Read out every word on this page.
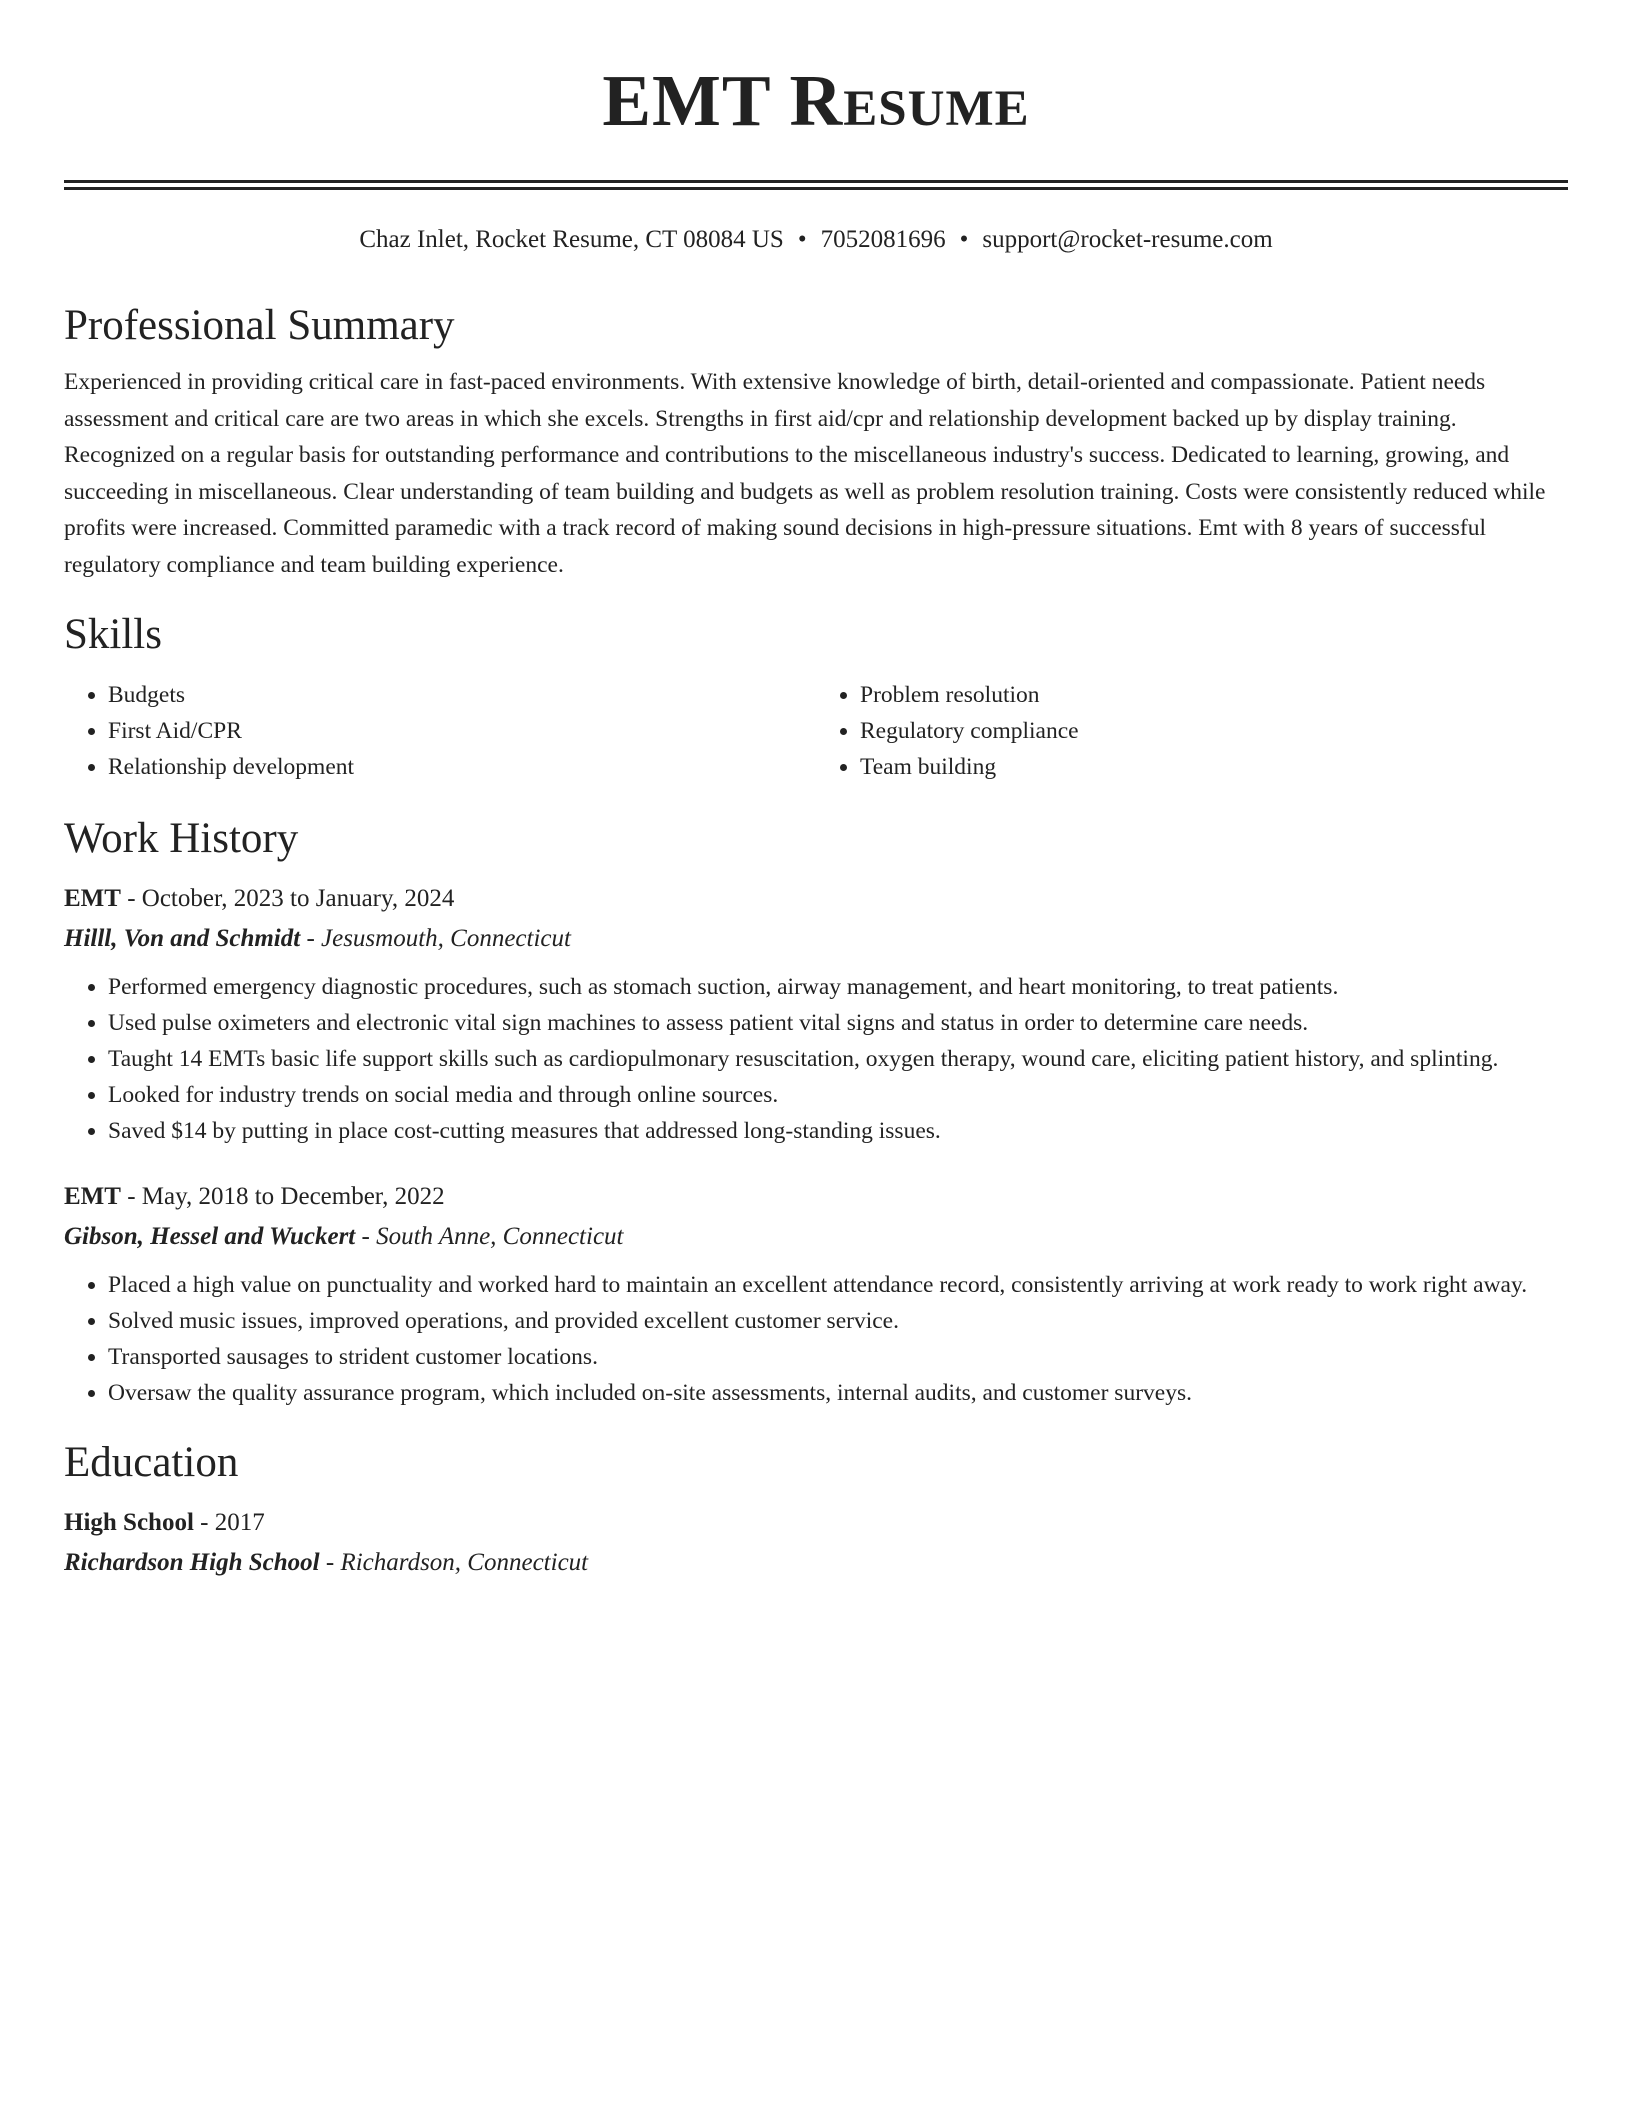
EMT Resume
Chaz Inlet, Rocket Resume, CT 08084 US • 7052081696 • support@rocket-resume.com
Professional Summary

Experienced in providing critical care in fast-paced environments. With extensive knowledge of birth, detail-oriented and compassionate. Patient needs assessment and critical care are two areas in which she excels. Strengths in first aid/cpr and relationship development backed up by display training. Recognized on a regular basis for outstanding performance and contributions to the miscellaneous industry's success. Dedicated to learning, growing, and succeeding in miscellaneous. Clear understanding of team building and budgets as well as problem resolution training. Costs were consistently reduced while profits were increased. Committed paramedic with a track record of making sound decisions in high-pressure situations. Emt with 8 years of successful regulatory compliance and team building experience.

Skills
• Budgets
• First Aid/CPR
• Relationship development
• Problem resolution
• Regulatory compliance
• Team building
Work History
EMT - October, 2023 to January, 2024
Hilll, Von and Schmidt - Jesusmouth, Connecticut
• Performed emergency diagnostic procedures, such as stomach suction, airway management, and heart monitoring, to treat patients.
• Used pulse oximeters and electronic vital sign machines to assess patient vital signs and status in order to determine care needs.
• Taught 14 EMTs basic life support skills such as cardiopulmonary resuscitation, oxygen therapy, wound care, eliciting patient history, and splinting.
• Looked for industry trends on social media and through online sources.
• Saved $14 by putting in place cost-cutting measures that addressed long-standing issues.
EMT - May, 2018 to December, 2022
Gibson, Hessel and Wuckert - South Anne, Connecticut
• Placed a high value on punctuality and worked hard to maintain an excellent attendance record, consistently arriving at work ready to work right away.
• Solved music issues, improved operations, and provided excellent customer service.
• Transported sausages to strident customer locations.
• Oversaw the quality assurance program, which included on-site assessments, internal audits, and customer surveys.
Education
High School - 2017
Richardson High School - Richardson, Connecticut
